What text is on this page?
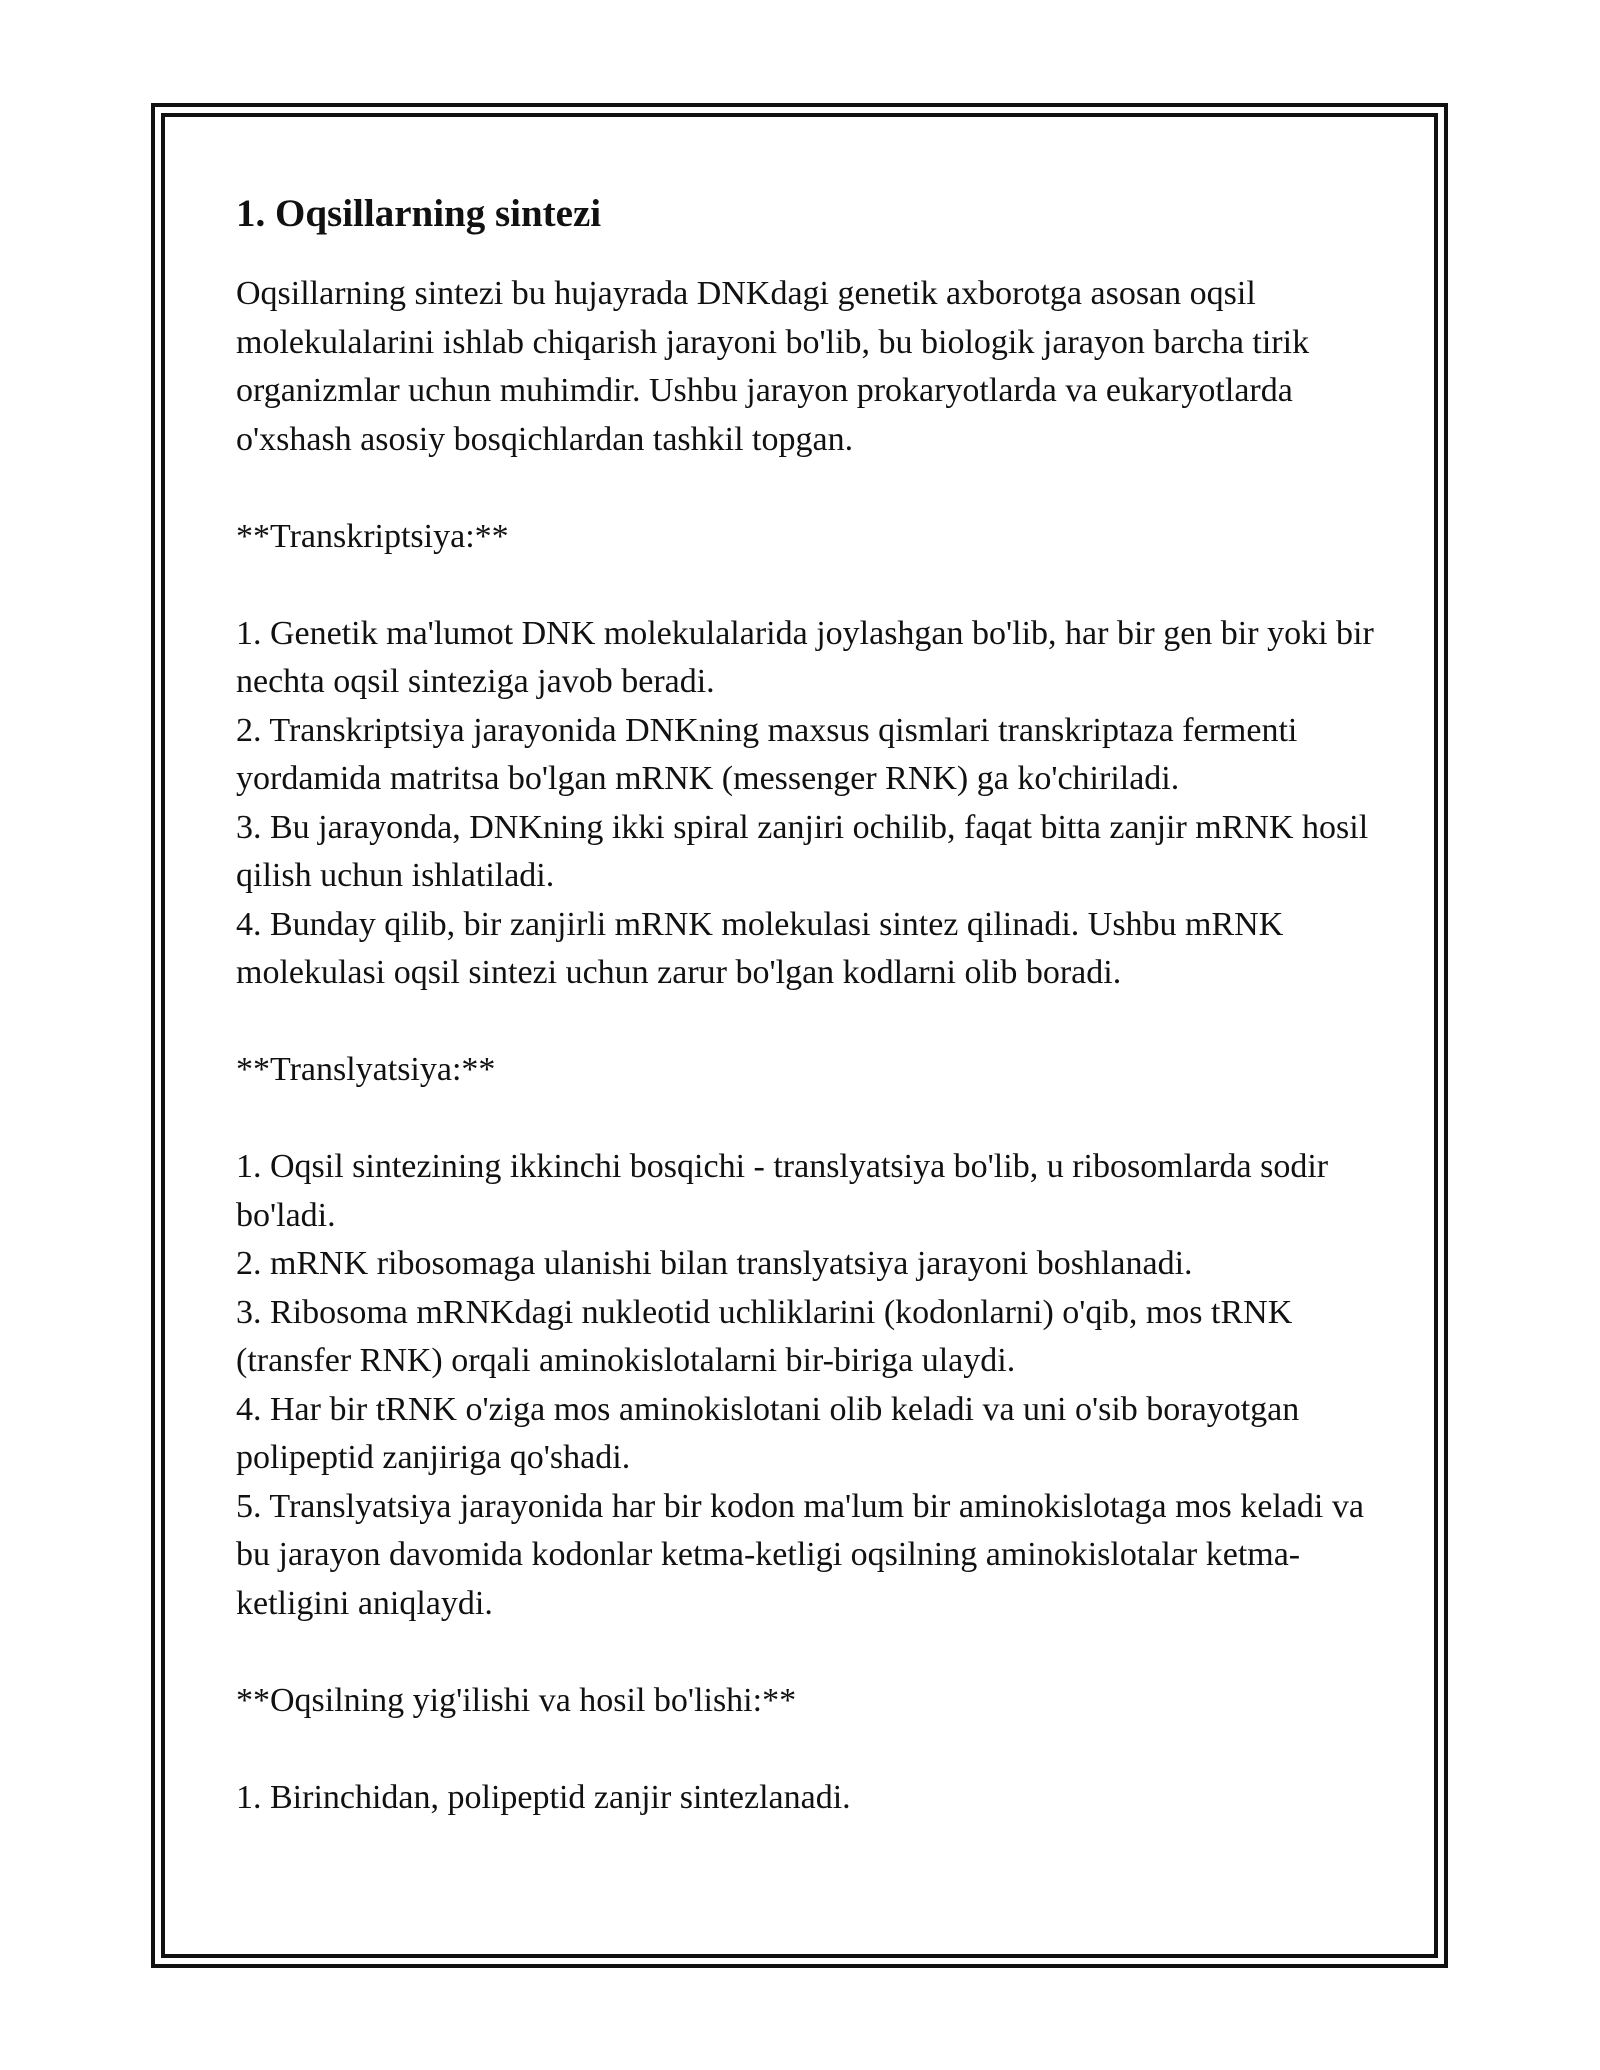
1. Oqsillarning sintezi
Oqsillarning sintezi bu hujayrada DNKdagi genetik axborotga asosan oqsil molekulalarini ishlab chiqarish jarayoni bo'lib, bu biologik jarayon barcha tirik organizmlar uchun muhimdir. Ushbu jarayon prokaryotlarda va eukaryotlarda o'xshash asosiy bosqichlardan tashkil topgan.

**Transkriptsiya:**

1. Genetik ma'lumot DNK molekulalarida joylashgan bo'lib, har bir gen bir yoki bir nechta oqsil sinteziga javob beradi.

2. Transkriptsiya jarayonida DNKning maxsus qismlari transkriptaza fermenti yordamida matritsa bo'lgan mRNK (messenger RNK) ga ko'chiriladi.

3. Bu jarayonda, DNKning ikki spiral zanjiri ochilib, faqat bitta zanjir mRNK hosil qilish uchun ishlatiladi.

4. Bunday qilib, bir zanjirli mRNK molekulasi sintez qilinadi. Ushbu mRNK molekulasi oqsil sintezi uchun zarur bo'lgan kodlarni olib boradi.

**Translyatsiya:**

1. Oqsil sintezining ikkinchi bosqichi - translyatsiya bo'lib, u ribosomlarda sodir bo'ladi.

2. mRNK ribosomaga ulanishi bilan translyatsiya jarayoni boshlanadi.

3. Ribosoma mRNKdagi nukleotid uchliklarini (kodonlarni) o'qib, mos tRNK (transfer RNK) orqali aminokislotalarni bir-biriga ulaydi.

4. Har bir tRNK o'ziga mos aminokislotani olib keladi va uni o'sib borayotgan polipeptid zanjiriga qo'shadi.

5. Translyatsiya jarayonida har bir kodon ma'lum bir aminokislotaga mos keladi va bu jarayon davomida kodonlar ketma-ketligi oqsilning aminokislotalar ketma-ketligini aniqlaydi.

**Oqsilning yig'ilishi va hosil bo'lishi:**

1. Birinchidan, polipeptid zanjir sintezlanadi.
